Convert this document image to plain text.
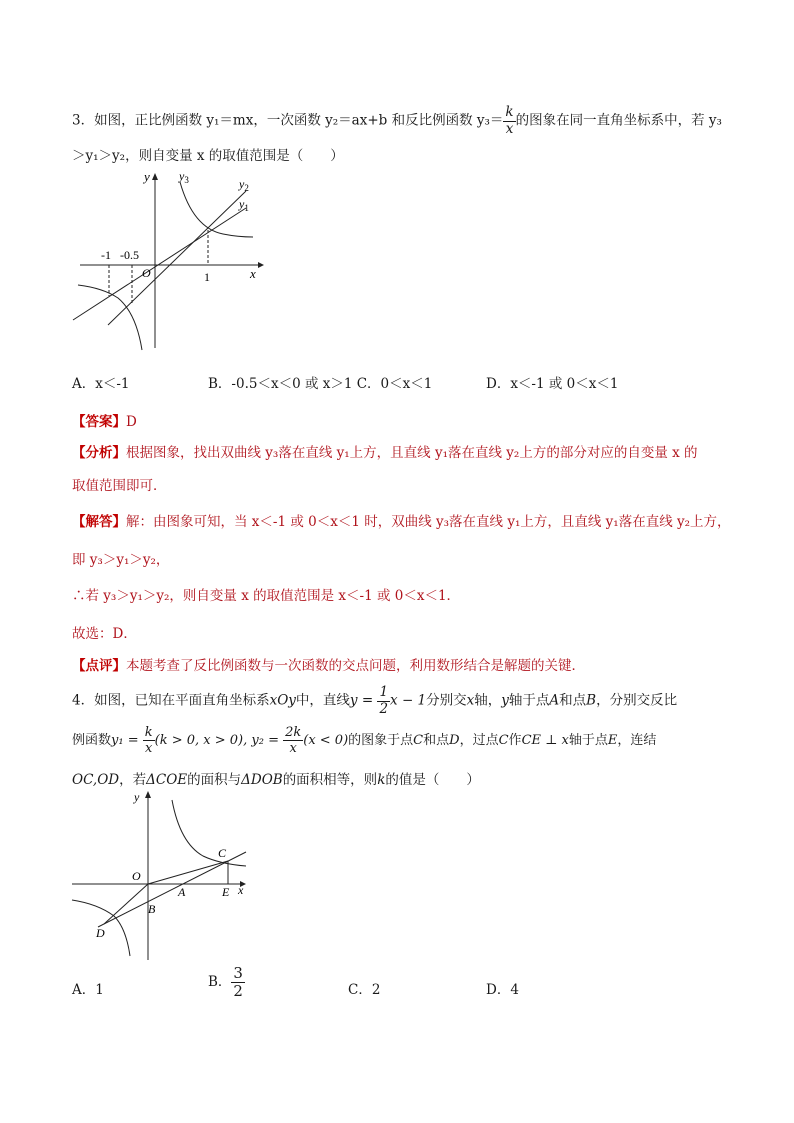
3．如图，正比例函数 y₁＝mx，一次函数 y₂＝ax+b 和反比例函数 $y_3= \frac{k}{x}$ 的图象在同一直角坐标系中，若 y₃
＞y₁＞y₂，则自变量 x 的取值范围是（　　）
y
x
O
$y_3$	$y_2$
$y_1$
-1 -0.5
1
A．x＜-1	B．-0.5＜x＜0 或 x＞1 C．0＜x＜1	D．x＜-1 或 0＜x＜1
【答案】D
【分析】根据图象，找出双曲线 y₃落在直线 y₁上方，且直线 y₁落在直线 y₂上方的部分对应的自变量 x 的
取值范围即可．
【解答】解：由图象可知，当 x＜-1 或 0＜x＜1 时，双曲线 y₃落在直线 y₁上方，且直线 y₁落在直线 y₂上方，
即 y₃＞y₁＞y₂，
∴若 y₃＞y₁＞y₂，则自变量 x 的取值范围是 x＜-1 或 0＜x＜1．
故选：D．
【点评】本题考查了反比例函数与一次函数的交点问题，利用数形结合是解题的关键．
4．如图，已知在平面直角坐标系xOy中，直线$y = \frac{1}{2}$ x − 1分别交x轴，y轴于点A和点B，分别交反比
例函数$y_1 = \frac{k}{x} (k > 0$, x > 0), $y_2 = \frac{2k}{x} (x < 0)$的图象于点C和点D，过点C作CE ⊥ x轴于点E，连结
OC,OD，若ΔCOE的面积与ΔDOB的面积相等，则k的值是（　　）
y
x
O
A
B
C
D
E
A．1	B． $\frac{3}{2}$	C．2	D．4
